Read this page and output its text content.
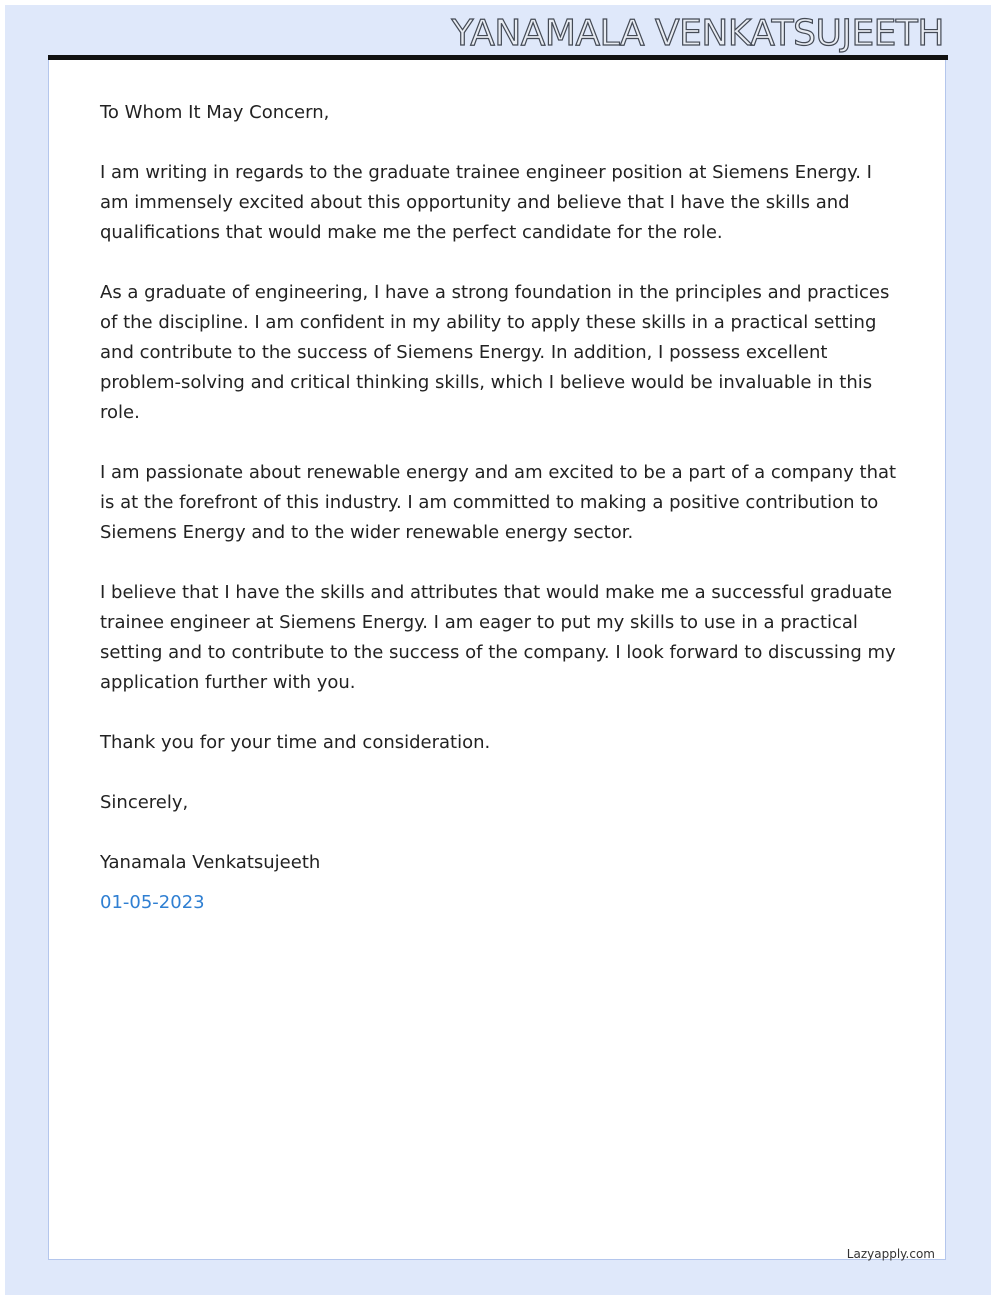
YANAMALA VENKATSUJEETH

To Whom It May Concern,

I am writing in regards to the graduate trainee engineer position at Siemens Energy. I am immensely excited about this opportunity and believe that I have the skills and qualifications that would make me the perfect candidate for the role.

As a graduate of engineering, I have a strong foundation in the principles and practices of the discipline. I am confident in my ability to apply these skills in a practical setting and contribute to the success of Siemens Energy. In addition, I possess excellent problem-solving and critical thinking skills, which I believe would be invaluable in this role.

I am passionate about renewable energy and am excited to be a part of a company that is at the forefront of this industry. I am committed to making a positive contribution to Siemens Energy and to the wider renewable energy sector.

I believe that I have the skills and attributes that would make me a successful graduate trainee engineer at Siemens Energy. I am eager to put my skills to use in a practical setting and to contribute to the success of the company. I look forward to discussing my application further with you.

Thank you for your time and consideration.

Sincerely,

Yanamala Venkatsujeeth

01-05-2023

Lazyapply.com
